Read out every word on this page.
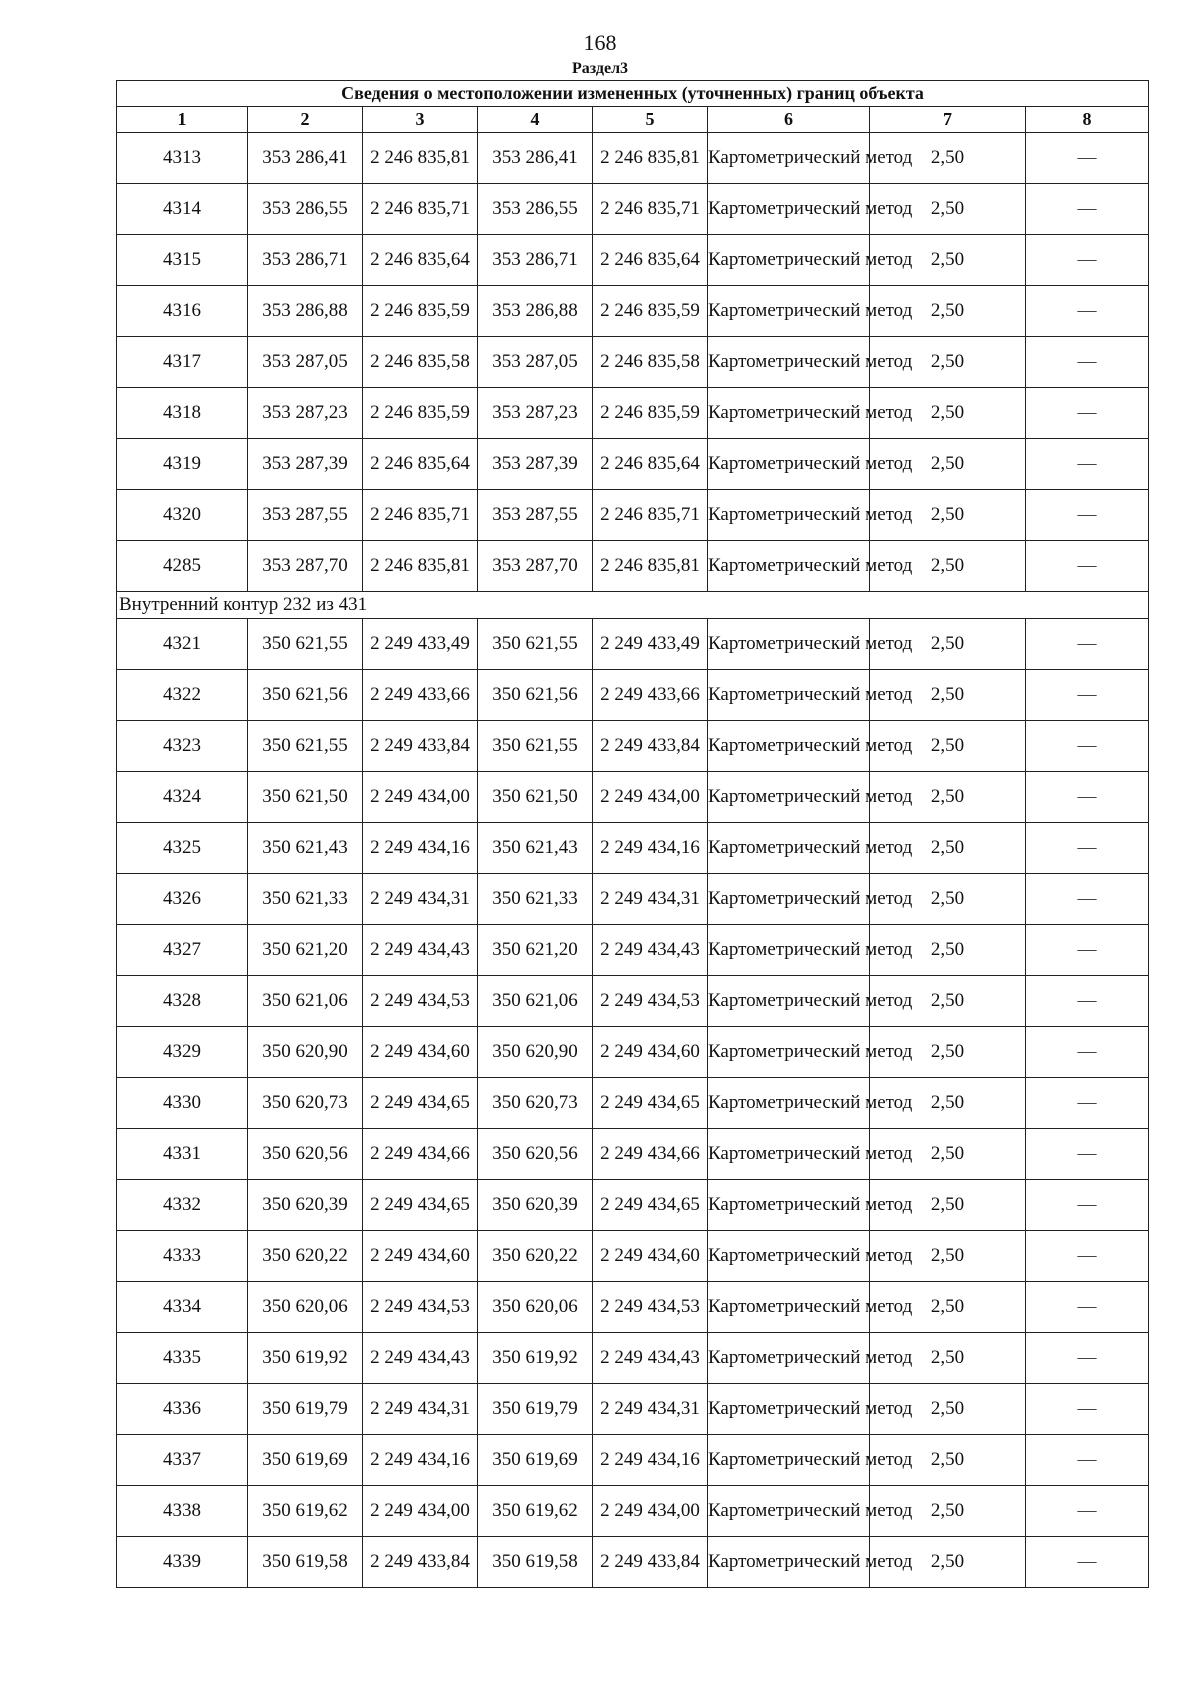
168
Раздел3
Сведения о местоположении измененных (уточненных) границ объекта							
1	2	3	4	5	6	7	8
4313	353 286,41	2 246 835,81	353 286,41	2 246 835,81	Картометрический метод	2,50	—
4314	353 286,55	2 246 835,71	353 286,55	2 246 835,71	Картометрический метод	2,50	—
4315	353 286,71	2 246 835,64	353 286,71	2 246 835,64	Картометрический метод	2,50	—
4316	353 286,88	2 246 835,59	353 286,88	2 246 835,59	Картометрический метод	2,50	—
4317	353 287,05	2 246 835,58	353 287,05	2 246 835,58	Картометрический метод	2,50	—
4318	353 287,23	2 246 835,59	353 287,23	2 246 835,59	Картометрический метод	2,50	—
4319	353 287,39	2 246 835,64	353 287,39	2 246 835,64	Картометрический метод	2,50	—
4320	353 287,55	2 246 835,71	353 287,55	2 246 835,71	Картометрический метод	2,50	—
4285	353 287,70	2 246 835,81	353 287,70	2 246 835,81	Картометрический метод	2,50	—
Внутренний контур 232 из 431							
4321	350 621,55	2 249 433,49	350 621,55	2 249 433,49	Картометрический метод	2,50	—
4322	350 621,56	2 249 433,66	350 621,56	2 249 433,66	Картометрический метод	2,50	—
4323	350 621,55	2 249 433,84	350 621,55	2 249 433,84	Картометрический метод	2,50	—
4324	350 621,50	2 249 434,00	350 621,50	2 249 434,00	Картометрический метод	2,50	—
4325	350 621,43	2 249 434,16	350 621,43	2 249 434,16	Картометрический метод	2,50	—
4326	350 621,33	2 249 434,31	350 621,33	2 249 434,31	Картометрический метод	2,50	—
4327	350 621,20	2 249 434,43	350 621,20	2 249 434,43	Картометрический метод	2,50	—
4328	350 621,06	2 249 434,53	350 621,06	2 249 434,53	Картометрический метод	2,50	—
4329	350 620,90	2 249 434,60	350 620,90	2 249 434,60	Картометрический метод	2,50	—
4330	350 620,73	2 249 434,65	350 620,73	2 249 434,65	Картометрический метод	2,50	—
4331	350 620,56	2 249 434,66	350 620,56	2 249 434,66	Картометрический метод	2,50	—
4332	350 620,39	2 249 434,65	350 620,39	2 249 434,65	Картометрический метод	2,50	—
4333	350 620,22	2 249 434,60	350 620,22	2 249 434,60	Картометрический метод	2,50	—
4334	350 620,06	2 249 434,53	350 620,06	2 249 434,53	Картометрический метод	2,50	—
4335	350 619,92	2 249 434,43	350 619,92	2 249 434,43	Картометрический метод	2,50	—
4336	350 619,79	2 249 434,31	350 619,79	2 249 434,31	Картометрический метод	2,50	—
4337	350 619,69	2 249 434,16	350 619,69	2 249 434,16	Картометрический метод	2,50	—
4338	350 619,62	2 249 434,00	350 619,62	2 249 434,00	Картометрический метод	2,50	—
4339	350 619,58	2 249 433,84	350 619,58	2 249 433,84	Картометрический метод	2,50	—
